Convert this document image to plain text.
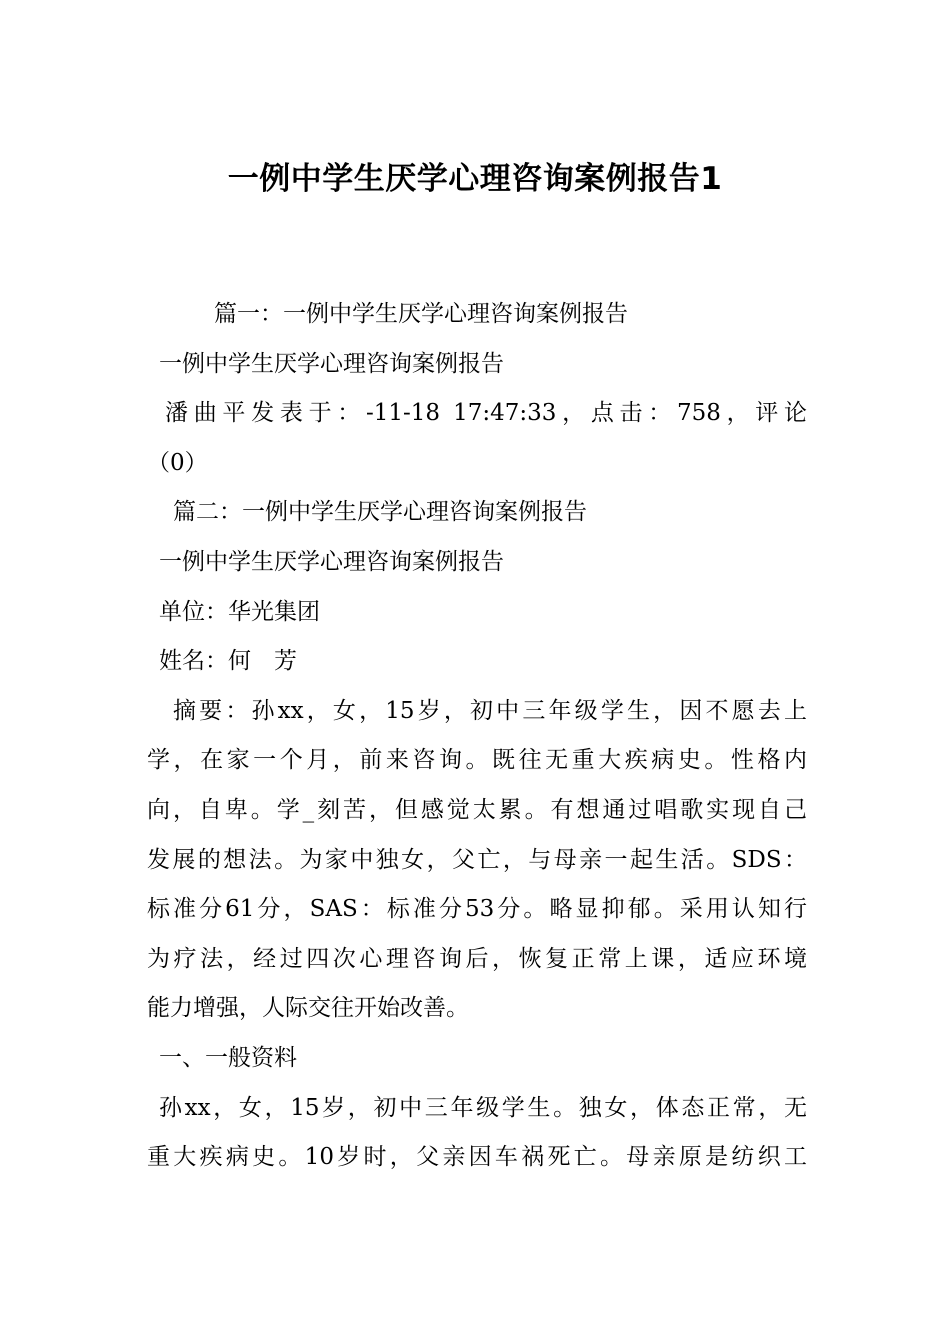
一例中学生厌学心理咨询案例报告1
篇一：一例中学生厌学心理咨询案例报告
一例中学生厌学心理咨询案例报告
潘曲平发表于：-11-18 17:47:33，点击：758，评论
（0）
篇二：一例中学生厌学心理咨询案例报告
一例中学生厌学心理咨询案例报告
单位：华光集团
姓名：何　芳
摘要：孙xx，女，15岁，初中三年级学生，因不愿去上
学，在家一个月，前来咨询。既往无重大疾病史。性格内
向，自卑。学_刻苦，但感觉太累。有想通过唱歌实现自己
发展的想法。为家中独女，父亡，与母亲一起生活。SDS：
标准分61分，SAS：标准分53分。略显抑郁。采用认知行
为疗法，经过四次心理咨询后，恢复正常上课，适应环境
能力增强，人际交往开始改善。
一、一般资料
孙xx，女，15岁，初中三年级学生。独女，体态正常，无
重大疾病史。10岁时，父亲因车祸死亡。母亲原是纺织工
